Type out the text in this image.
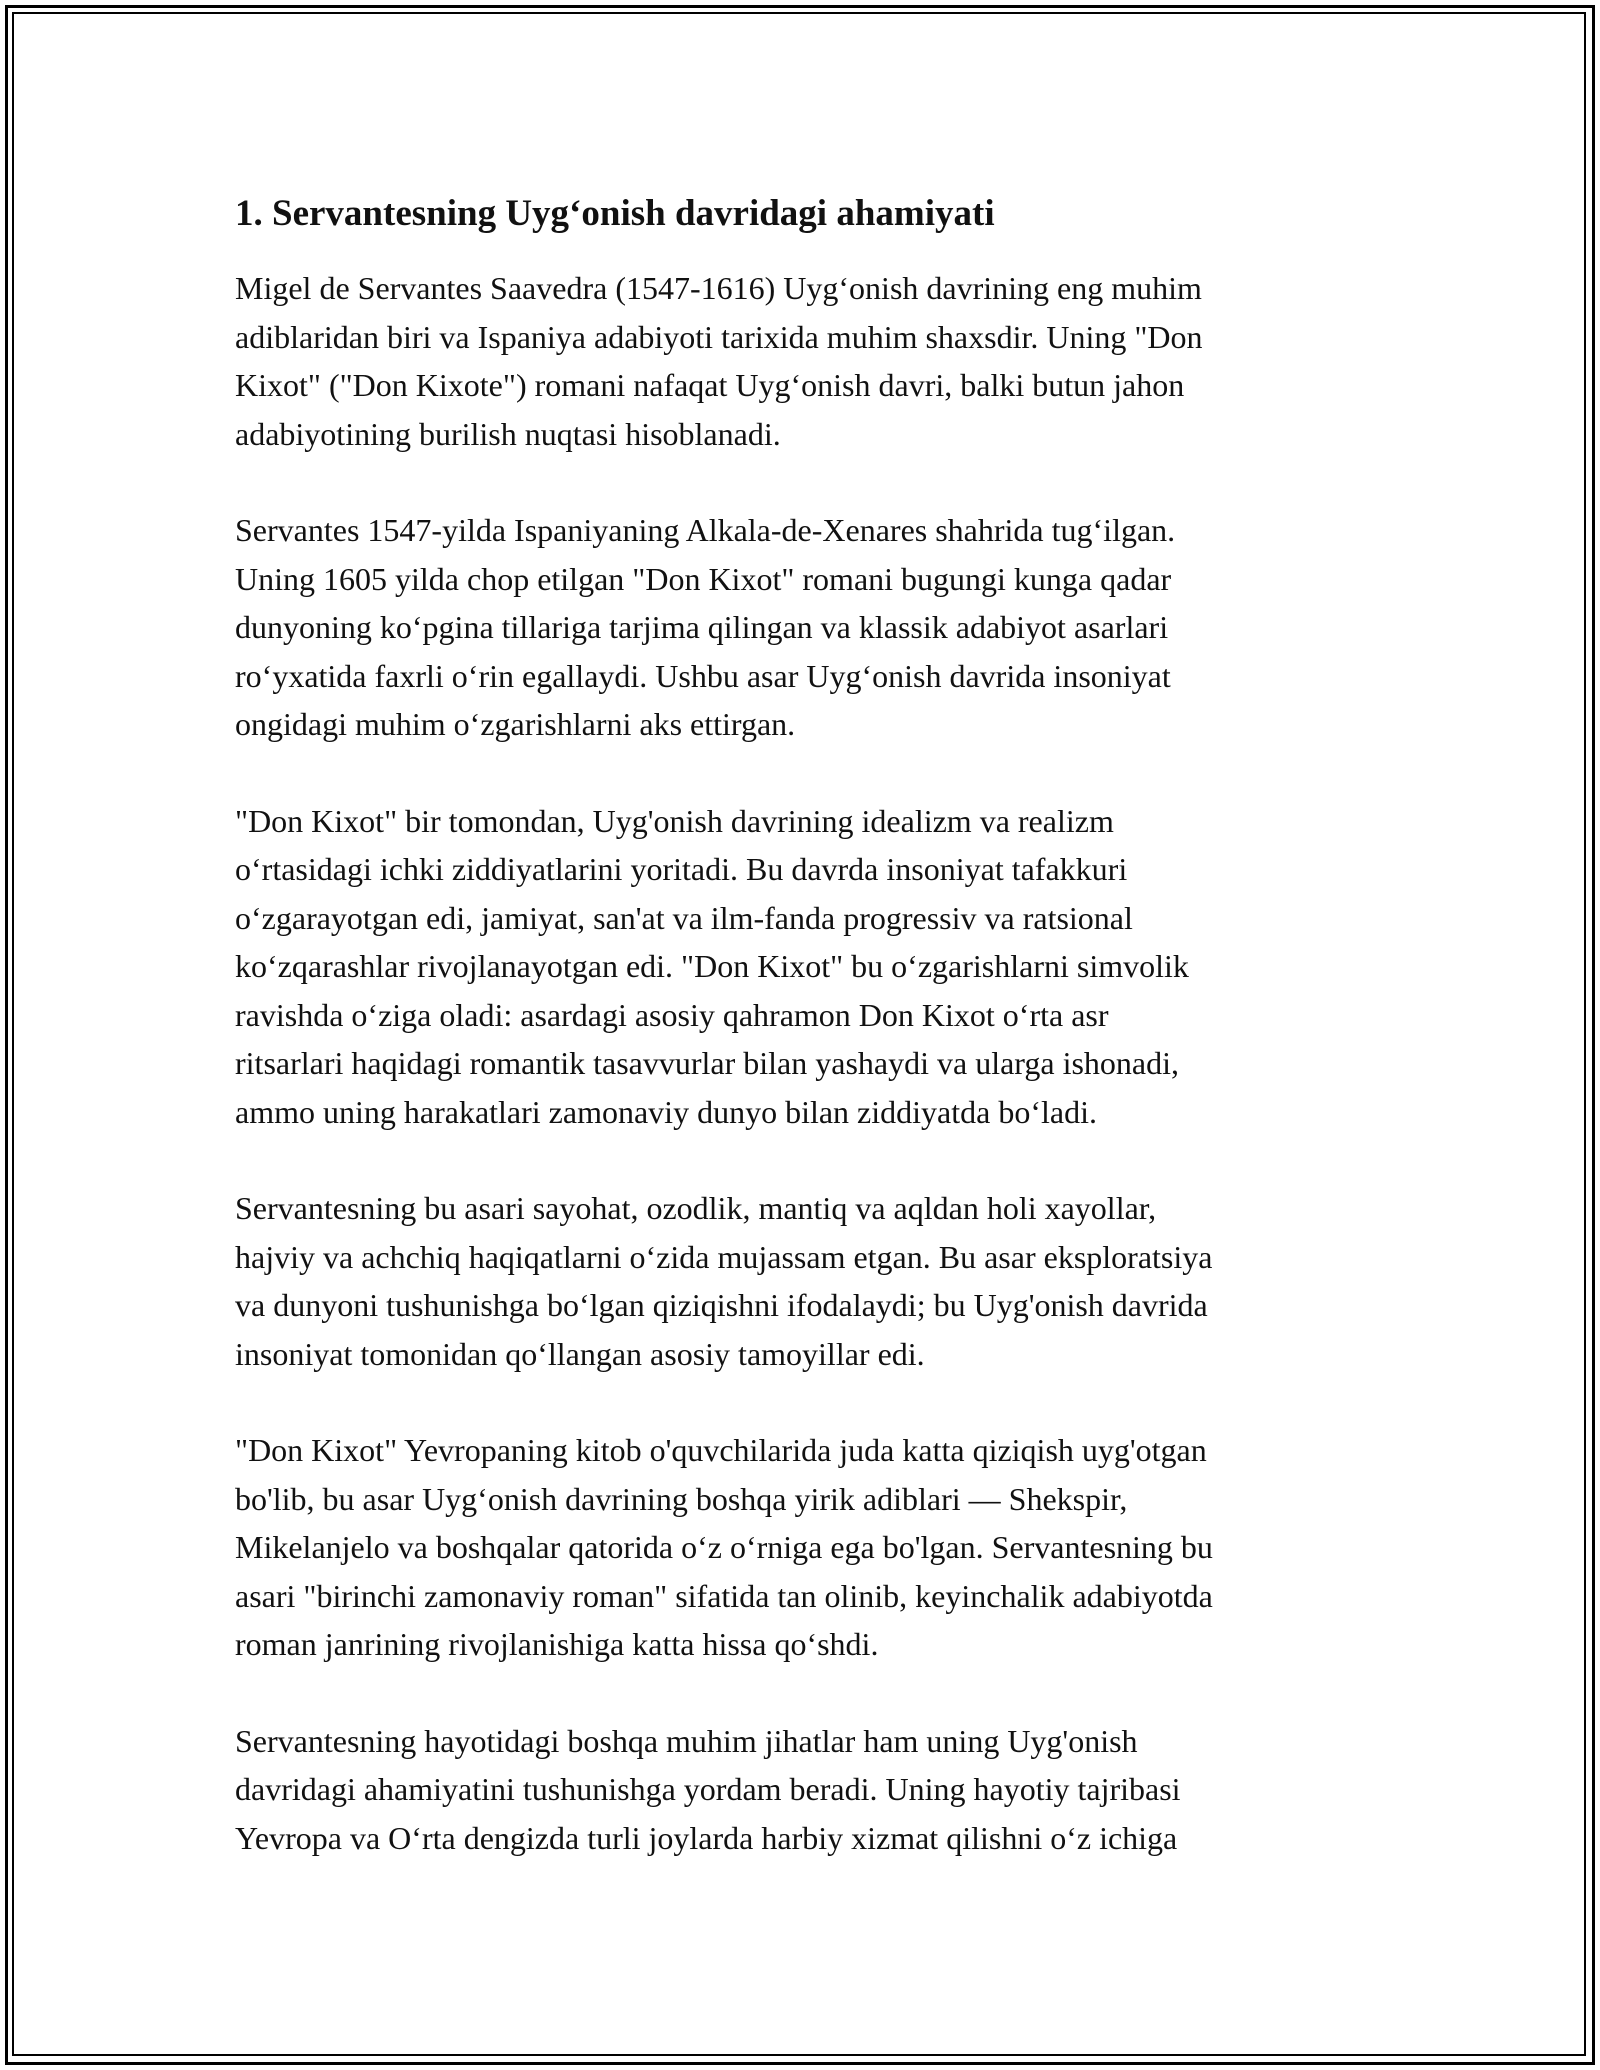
1. Servantesning Uyg‘onish davridagi ahamiyati
Migel de Servantes Saavedra (1547-1616) Uyg‘onish davrining eng muhim
adiblaridan biri va Ispaniya adabiyoti tarixida muhim shaxsdir. Uning "Don
Kixot" ("Don Kixote") romani nafaqat Uyg‘onish davri, balki butun jahon
adabiyotining burilish nuqtasi hisoblanadi.
Servantes 1547-yilda Ispaniyaning Alkala-de-Xenares shahrida tug‘ilgan.
Uning 1605 yilda chop etilgan "Don Kixot" romani bugungi kunga qadar
dunyoning ko‘pgina tillariga tarjima qilingan va klassik adabiyot asarlari
ro‘yxatida faxrli o‘rin egallaydi. Ushbu asar Uyg‘onish davrida insoniyat
ongidagi muhim o‘zgarishlarni aks ettirgan.
"Don Kixot" bir tomondan, Uyg'onish davrining idealizm va realizm
o‘rtasidagi ichki ziddiyatlarini yoritadi. Bu davrda insoniyat tafakkuri
o‘zgarayotgan edi, jamiyat, san'at va ilm-fanda progressiv va ratsional
ko‘zqarashlar rivojlanayotgan edi. "Don Kixot" bu o‘zgarishlarni simvolik
ravishda o‘ziga oladi: asardagi asosiy qahramon Don Kixot o‘rta asr
ritsarlari haqidagi romantik tasavvurlar bilan yashaydi va ularga ishonadi,
ammo uning harakatlari zamonaviy dunyo bilan ziddiyatda bo‘ladi.
Servantesning bu asari sayohat, ozodlik, mantiq va aqldan holi xayollar,
hajviy va achchiq haqiqatlarni o‘zida mujassam etgan. Bu asar eksploratsiya
va dunyoni tushunishga bo‘lgan qiziqishni ifodalaydi; bu Uyg'onish davrida
insoniyat tomonidan qo‘llangan asosiy tamoyillar edi.
"Don Kixot" Yevropaning kitob o'quvchilarida juda katta qiziqish uyg'otgan
bo'lib, bu asar Uyg‘onish davrining boshqa yirik adiblari — Shekspir,
Mikelanjelo va boshqalar qatorida o‘z o‘rniga ega bo'lgan. Servantesning bu
asari "birinchi zamonaviy roman" sifatida tan olinib, keyinchalik adabiyotda
roman janrining rivojlanishiga katta hissa qo‘shdi.
Servantesning hayotidagi boshqa muhim jihatlar ham uning Uyg'onish
davridagi ahamiyatini tushunishga yordam beradi. Uning hayotiy tajribasi
Yevropa va O‘rta dengizda turli joylarda harbiy xizmat qilishni o‘z ichiga
